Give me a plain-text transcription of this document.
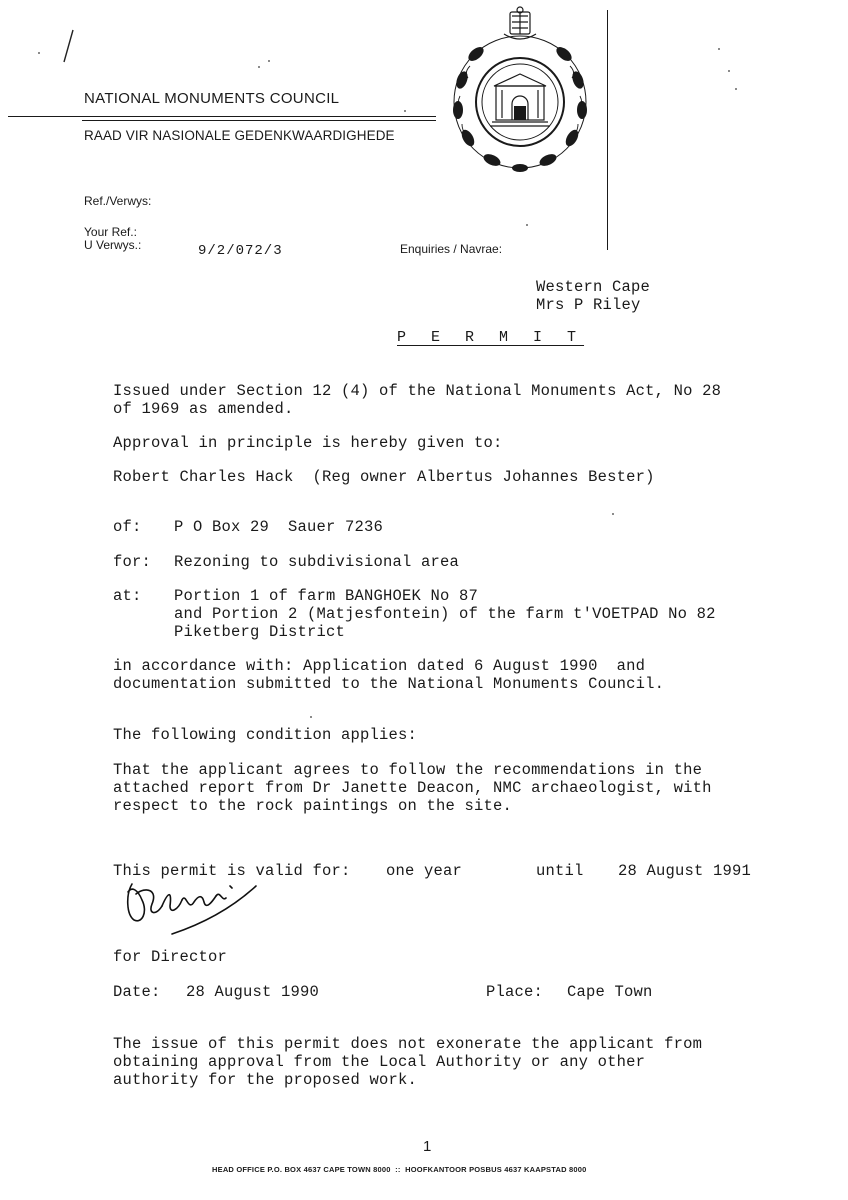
NATIONAL MONUMENTS COUNCIL
RAAD VIR NASIONALE GEDENKWAARDIGHEDE
Ref./Verwys:
Your Ref.:
U Verwys.:	9/2/072/3	Enquiries / Navrae:
Western Cape
Mrs P Riley
P E R M I T
Issued under Section 12 (4) of the National Monuments Act, No 28
of 1969 as amended.
Approval in principle is hereby given to:
Robert Charles Hack  (Reg owner Albertus Johannes Bester)
of: P O Box 29  Sauer 7236
for: Rezoning to subdivisional area
at: Portion 1 of farm BANGHOEK No 87
and Portion 2 (Matjesfontein) of the farm t'VOETPAD No 82
Piketberg District
in accordance with: Application dated 6 August 1990  and
documentation submitted to the National Monuments Council.
The following condition applies:
That the applicant agrees to follow the recommendations in the
attached report from Dr Janette Deacon, NMC archaeologist, with
respect to the rock paintings on the site.
This permit is valid for: one year	until 28 August 1991
for Director
Date: 28 August 1990	Place: Cape Town
The issue of this permit does not exonerate the applicant from
obtaining approval from the Local Authority or any other
authority for the proposed work.
1
HEAD OFFICE P.O. BOX 4637 CAPE TOWN 8000  ::  HOOFKANTOOR POSBUS 4637 KAAPSTAD 8000
